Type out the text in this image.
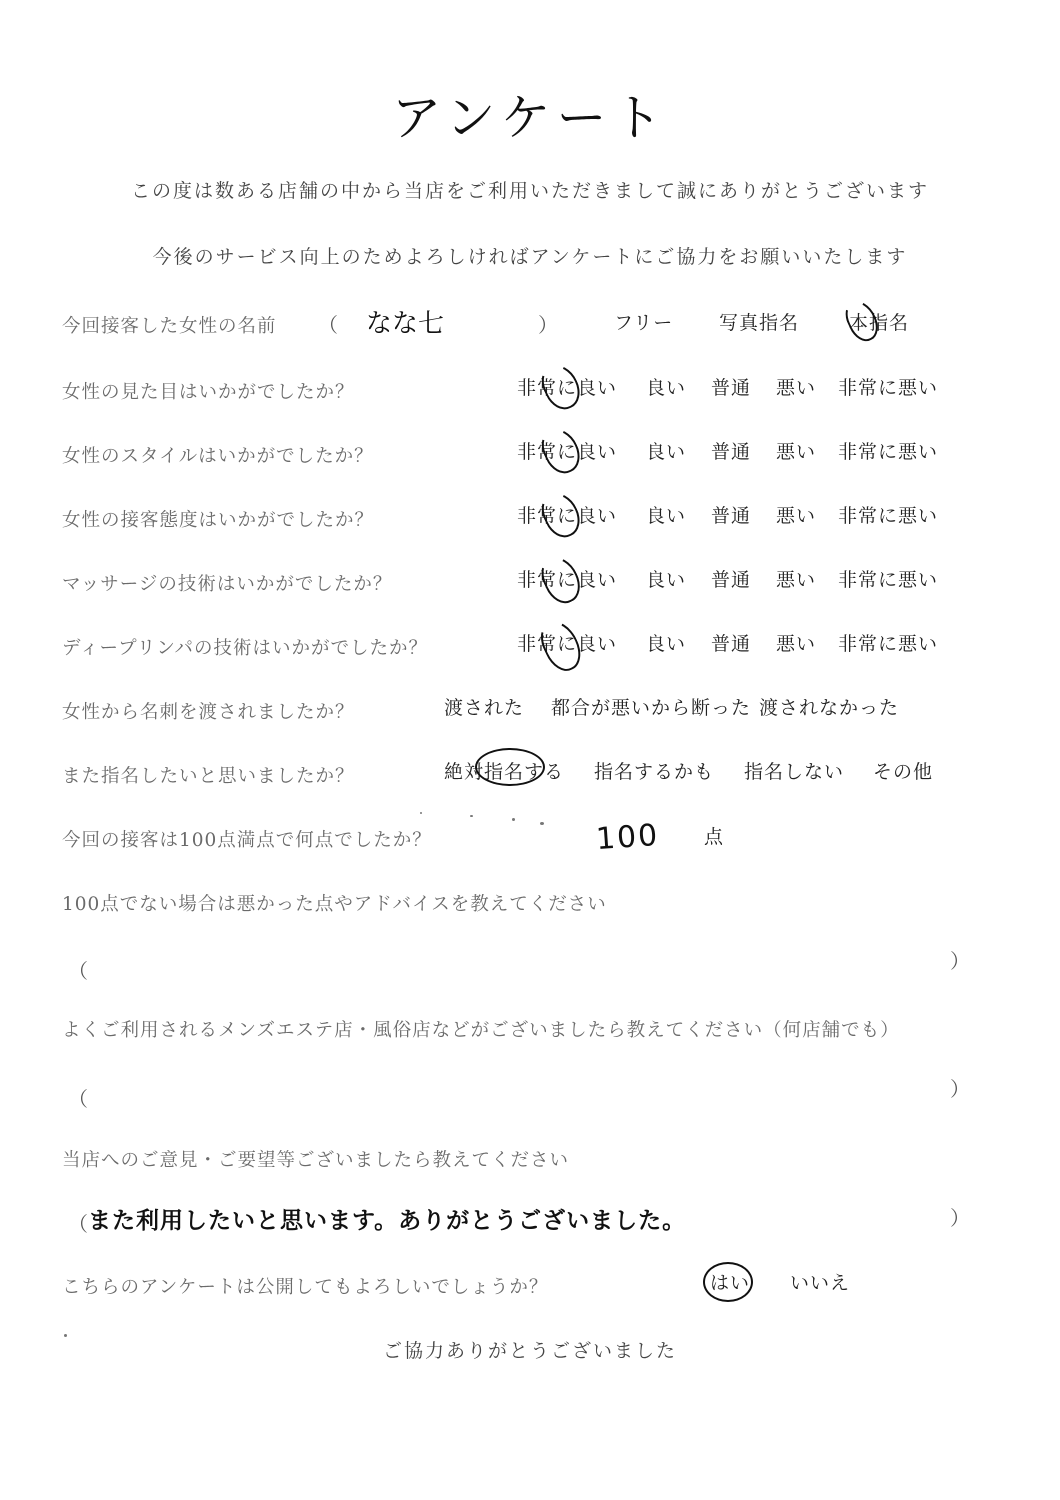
アンケート
この度は数ある店舗の中から当店をご利用いただきまして誠にありがとうございます
今後のサービス向上のためよろしければアンケートにご協力をお願いいたします
今回接客した女性の名前 （ なな七	）	フリー 写真指名	本指名
女性の見た目はいかがでしたか？	非常に良い 良い 普通 悪い 非常に悪い
女性のスタイルはいかがでしたか？	非常に良い 良い 普通 悪い 非常に悪い
女性の接客態度はいかがでしたか？	非常に良い 良い 普通 悪い 非常に悪い
マッサージの技術はいかがでしたか？	非常に良い 良い 普通 悪い 非常に悪い
ディープリンパの技術はいかがでしたか？	非常に良い 良い 普通 悪い 非常に悪い
女性から名刺を渡されましたか？	渡された 都合が悪いから断った 渡されなかった
また指名したいと思いましたか？	絶対指名する 指名するかも 指名しない その他
今回の接客は100点満点で何点でしたか？	100 点
100点でない場合は悪かった点やアドバイスを教えてください
（	）
よくご利用されるメンズエステ店・風俗店などがございましたら教えてください（何店舗でも）
（	）
当店へのご意見・ご要望等ございましたら教えてください
（ また利用したいと思います。ありがとうございました。	）
こちらのアンケートは公開してもよろしいでしょうか？	はい いいえ
ご協力ありがとうございました
